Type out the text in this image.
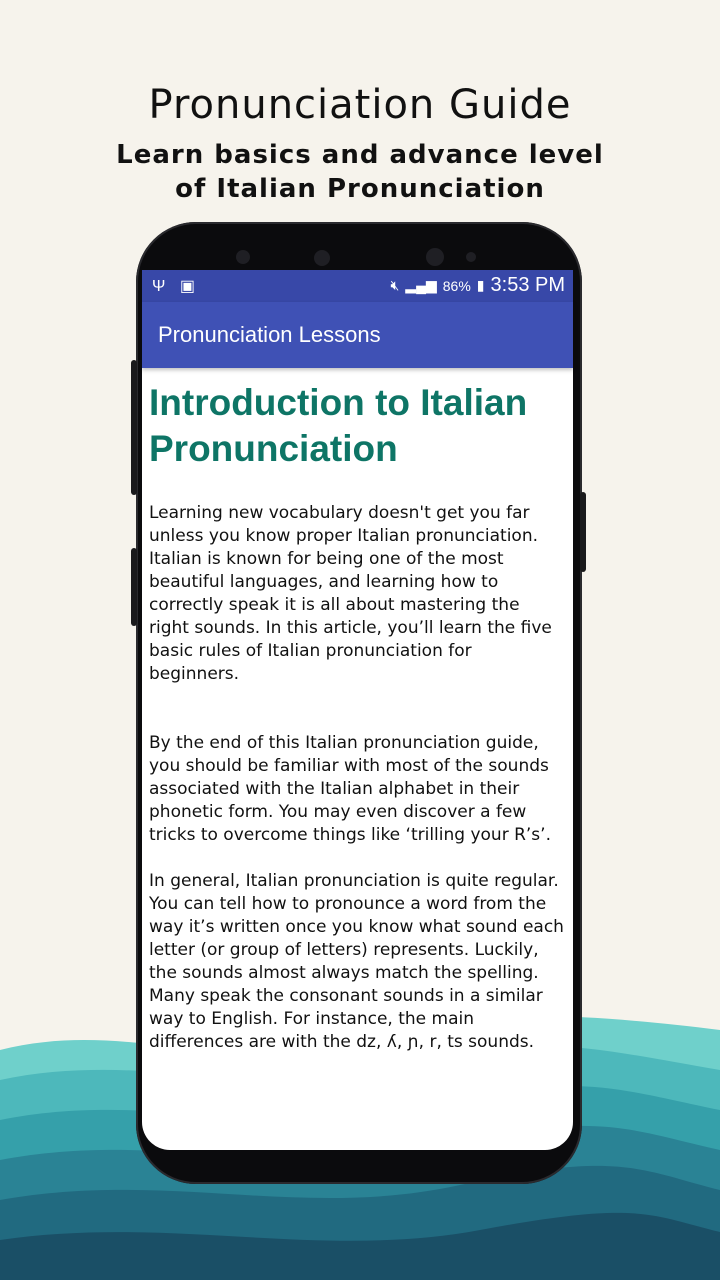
Pronunciation Guide
Learn basics and advance level
of Italian Pronunciation
Ψ ▣	🔇︎ ▂▄▆ 86% ▮ 3:53 PM
Pronunciation Lessons
Introduction to Italian Pronunciation

Learning new vocabulary doesn't get you far unless you know proper Italian pronunciation. Italian is known for being one of the most beautiful languages, and learning how to correctly speak it is all about mastering the right sounds. In this article, you’ll learn the five basic rules of Italian pronunciation for beginners.

By the end of this Italian pronunciation guide, you should be familiar with most of the sounds associated with the Italian alphabet in their phonetic form. You may even discover a few tricks to overcome things like ‘trilling your R’s’.

In general, Italian pronunciation is quite regular. You can tell how to pronounce a word from the way it’s written once you know what sound each letter (or group of letters) represents. Luckily, the sounds almost always match the spelling. Many speak the consonant sounds in a similar way to English. For instance, the main differences are with the dz, ʎ, ɲ, r, ts sounds.
